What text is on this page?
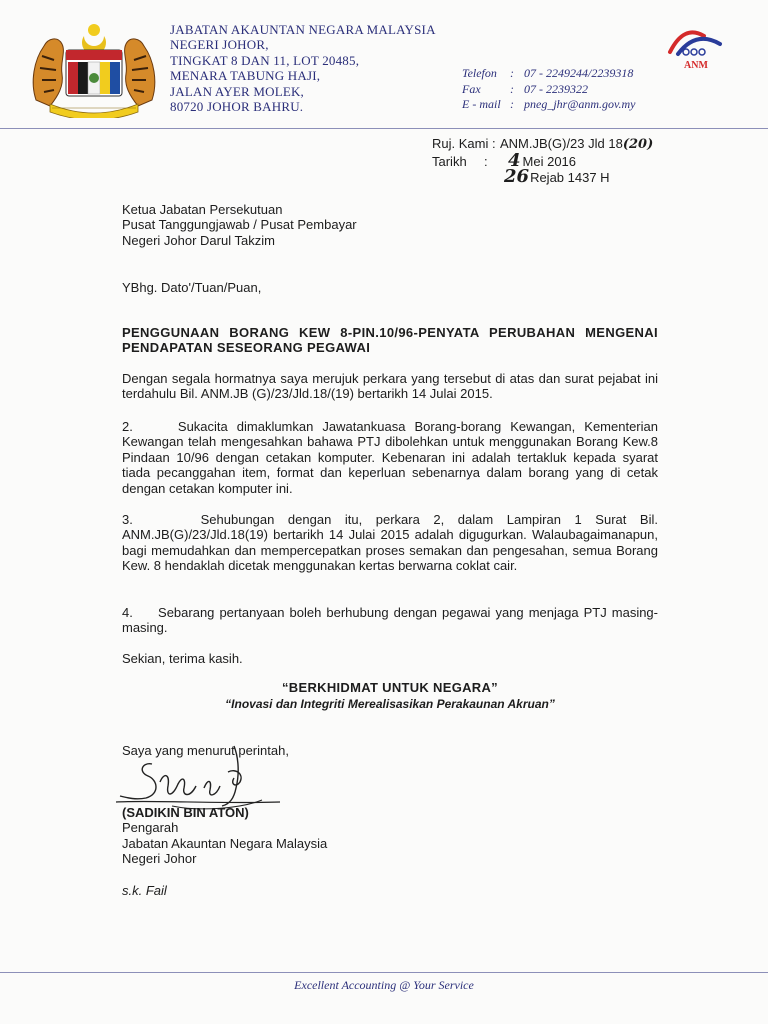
JABATAN AKAUNTAN NEGARA MALAYSIA
NEGERI JOHOR,
TINGKAT 8 DAN 11, LOT 20485,
MENARA TABUNG HAJI,
JALAN AYER MOLEK,
80720 JOHOR BAHRU.
Telefon	: 07 - 2249244/2239318
Fax	: 07 - 2239322
E - mail : pneg_jhr@anm.gov.my
ANM
Ruj. Kami : ANM.JB(G)/23 Jld 18 (20)
Tarikh	:	4 Mei 2016
26 Rejab 1437 H

Ketua Jabatan Persekutuan

Pusat Tanggungjawab / Pusat Pembayar

Negeri Johor Darul Takzim

YBhg. Dato'/Tuan/Puan,
PENGGUNAAN BORANG KEW 8-PIN.10/96-PENYATA PERUBAHAN MENGENAI PENDAPATAN SESEORANG PEGAWAI
Dengan segala hormatnya saya merujuk perkara yang tersebut di atas dan surat pejabat ini terdahulu Bil. ANM.JB (G)/23/Jld.18/(19) bertarikh 14 Julai 2015.
2.     Sukacita dimaklumkan Jawatankuasa Borang-borang Kewangan, Kementerian Kewangan telah mengesahkan bahawa PTJ dibolehkan untuk menggunakan Borang Kew.8 Pindaan 10/96 dengan cetakan komputer. Kebenaran ini adalah tertakluk kepada syarat tiada pecanggahan item, format dan keperluan sebenarnya dalam borang yang di cetak dengan cetakan komputer ini.
3.     Sehubungan dengan itu, perkara 2, dalam Lampiran 1 Surat Bil. ANM.JB(G)/23/Jld.18(19) bertarikh 14 Julai 2015 adalah digugurkan. Walaubagaimanapun, bagi memudahkan dan mempercepatkan proses semakan dan pengesahan, semua Borang Kew. 8 hendaklah dicetak menggunakan kertas berwarna coklat cair.
4.     Sebarang pertanyaan boleh berhubung dengan pegawai yang menjaga PTJ masing-masing.
Sekian, terima kasih.
“BERKHIDMAT UNTUK NEGARA”
“Inovasi dan Integriti Merealisasikan Perakaunan Akruan”
Saya yang menurut perintah,

(SADIKIN BIN ATON)

Pengarah

Jabatan Akauntan Negara Malaysia

Negeri Johor

s.k. Fail
Excellent Accounting @ Your Service
